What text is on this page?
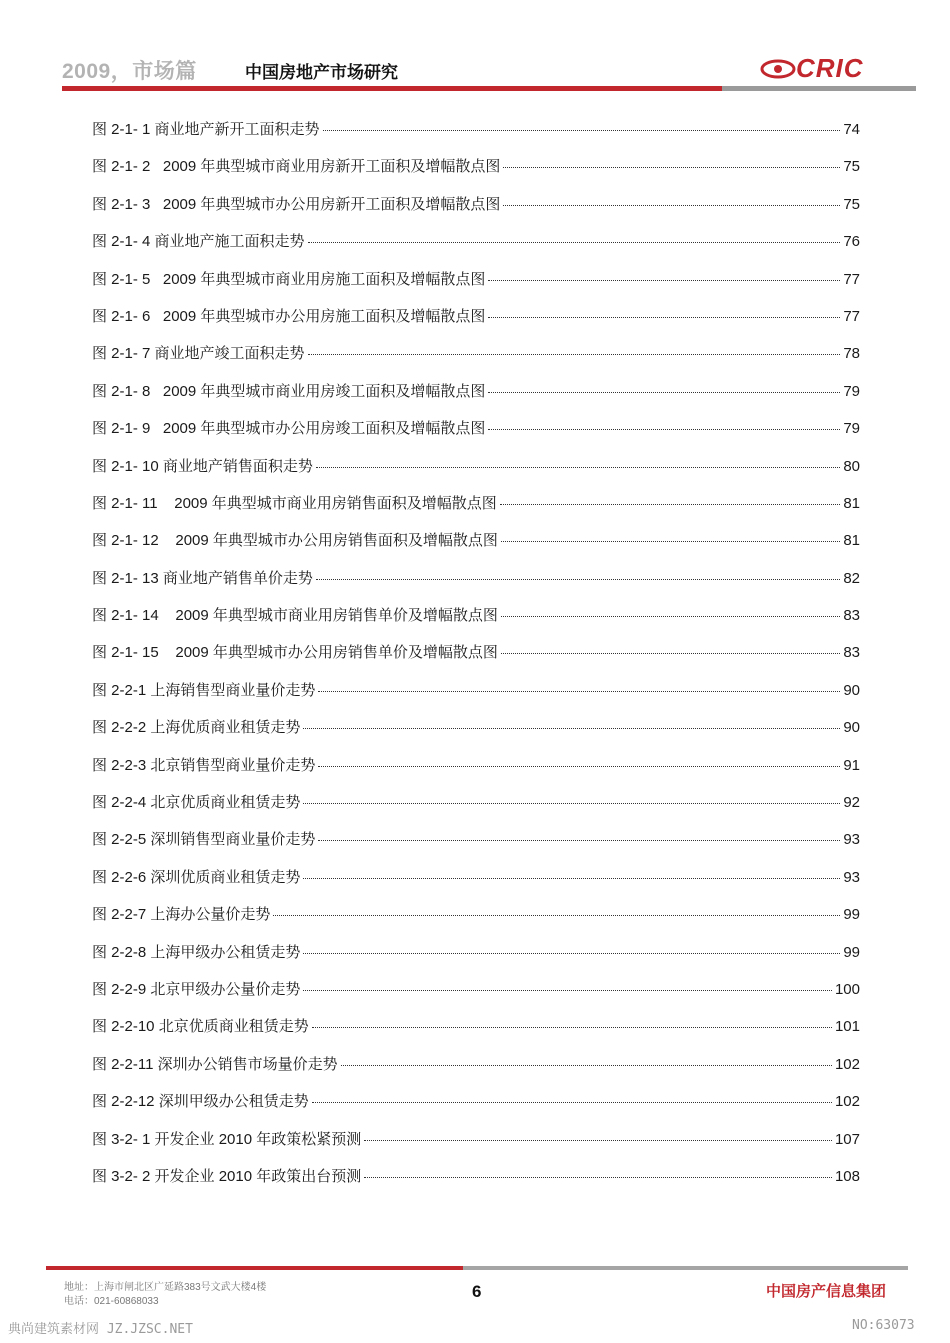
2009，市场篇	中国房地产市场研究	CRIC
图 2-1- 1 商业地产新开工面积走势	74
图 2-1- 2   2009 年典型城市商业用房新开工面积及增幅散点图	75
图 2-1- 3   2009 年典型城市办公用房新开工面积及增幅散点图	75
图 2-1- 4 商业地产施工面积走势	76
图 2-1- 5   2009 年典型城市商业用房施工面积及增幅散点图	77
图 2-1- 6   2009 年典型城市办公用房施工面积及增幅散点图	77
图 2-1- 7 商业地产竣工面积走势	78
图 2-1- 8   2009 年典型城市商业用房竣工面积及增幅散点图	79
图 2-1- 9   2009 年典型城市办公用房竣工面积及增幅散点图	79
图 2-1- 10 商业地产销售面积走势	80
图 2-1- 11    2009 年典型城市商业用房销售面积及增幅散点图	81
图 2-1- 12    2009 年典型城市办公用房销售面积及增幅散点图	81
图 2-1- 13 商业地产销售单价走势	82
图 2-1- 14    2009 年典型城市商业用房销售单价及增幅散点图	83
图 2-1- 15    2009 年典型城市办公用房销售单价及增幅散点图	83
图 2-2-1 上海销售型商业量价走势	90
图 2-2-2 上海优质商业租赁走势	90
图 2-2-3 北京销售型商业量价走势	91
图 2-2-4 北京优质商业租赁走势	92
图 2-2-5 深圳销售型商业量价走势	93
图 2-2-6 深圳优质商业租赁走势	93
图 2-2-7 上海办公量价走势	99
图 2-2-8 上海甲级办公租赁走势	99
图 2-2-9 北京甲级办公量价走势	100
图 2-2-10 北京优质商业租赁走势	101
图 2-2-11 深圳办公销售市场量价走势	102
图 2-2-12 深圳甲级办公租赁走势	102
图 3-2- 1 开发企业 2010 年政策松紧预测	107
图 3-2- 2 开发企业 2010 年政策出台预测	108
地址：上海市闸北区广延路383号文武大楼4楼
电话：021-60868033
6	中国房产信息集团
典尚建筑素材网 JZ.JZSC.NET	NO:63073
